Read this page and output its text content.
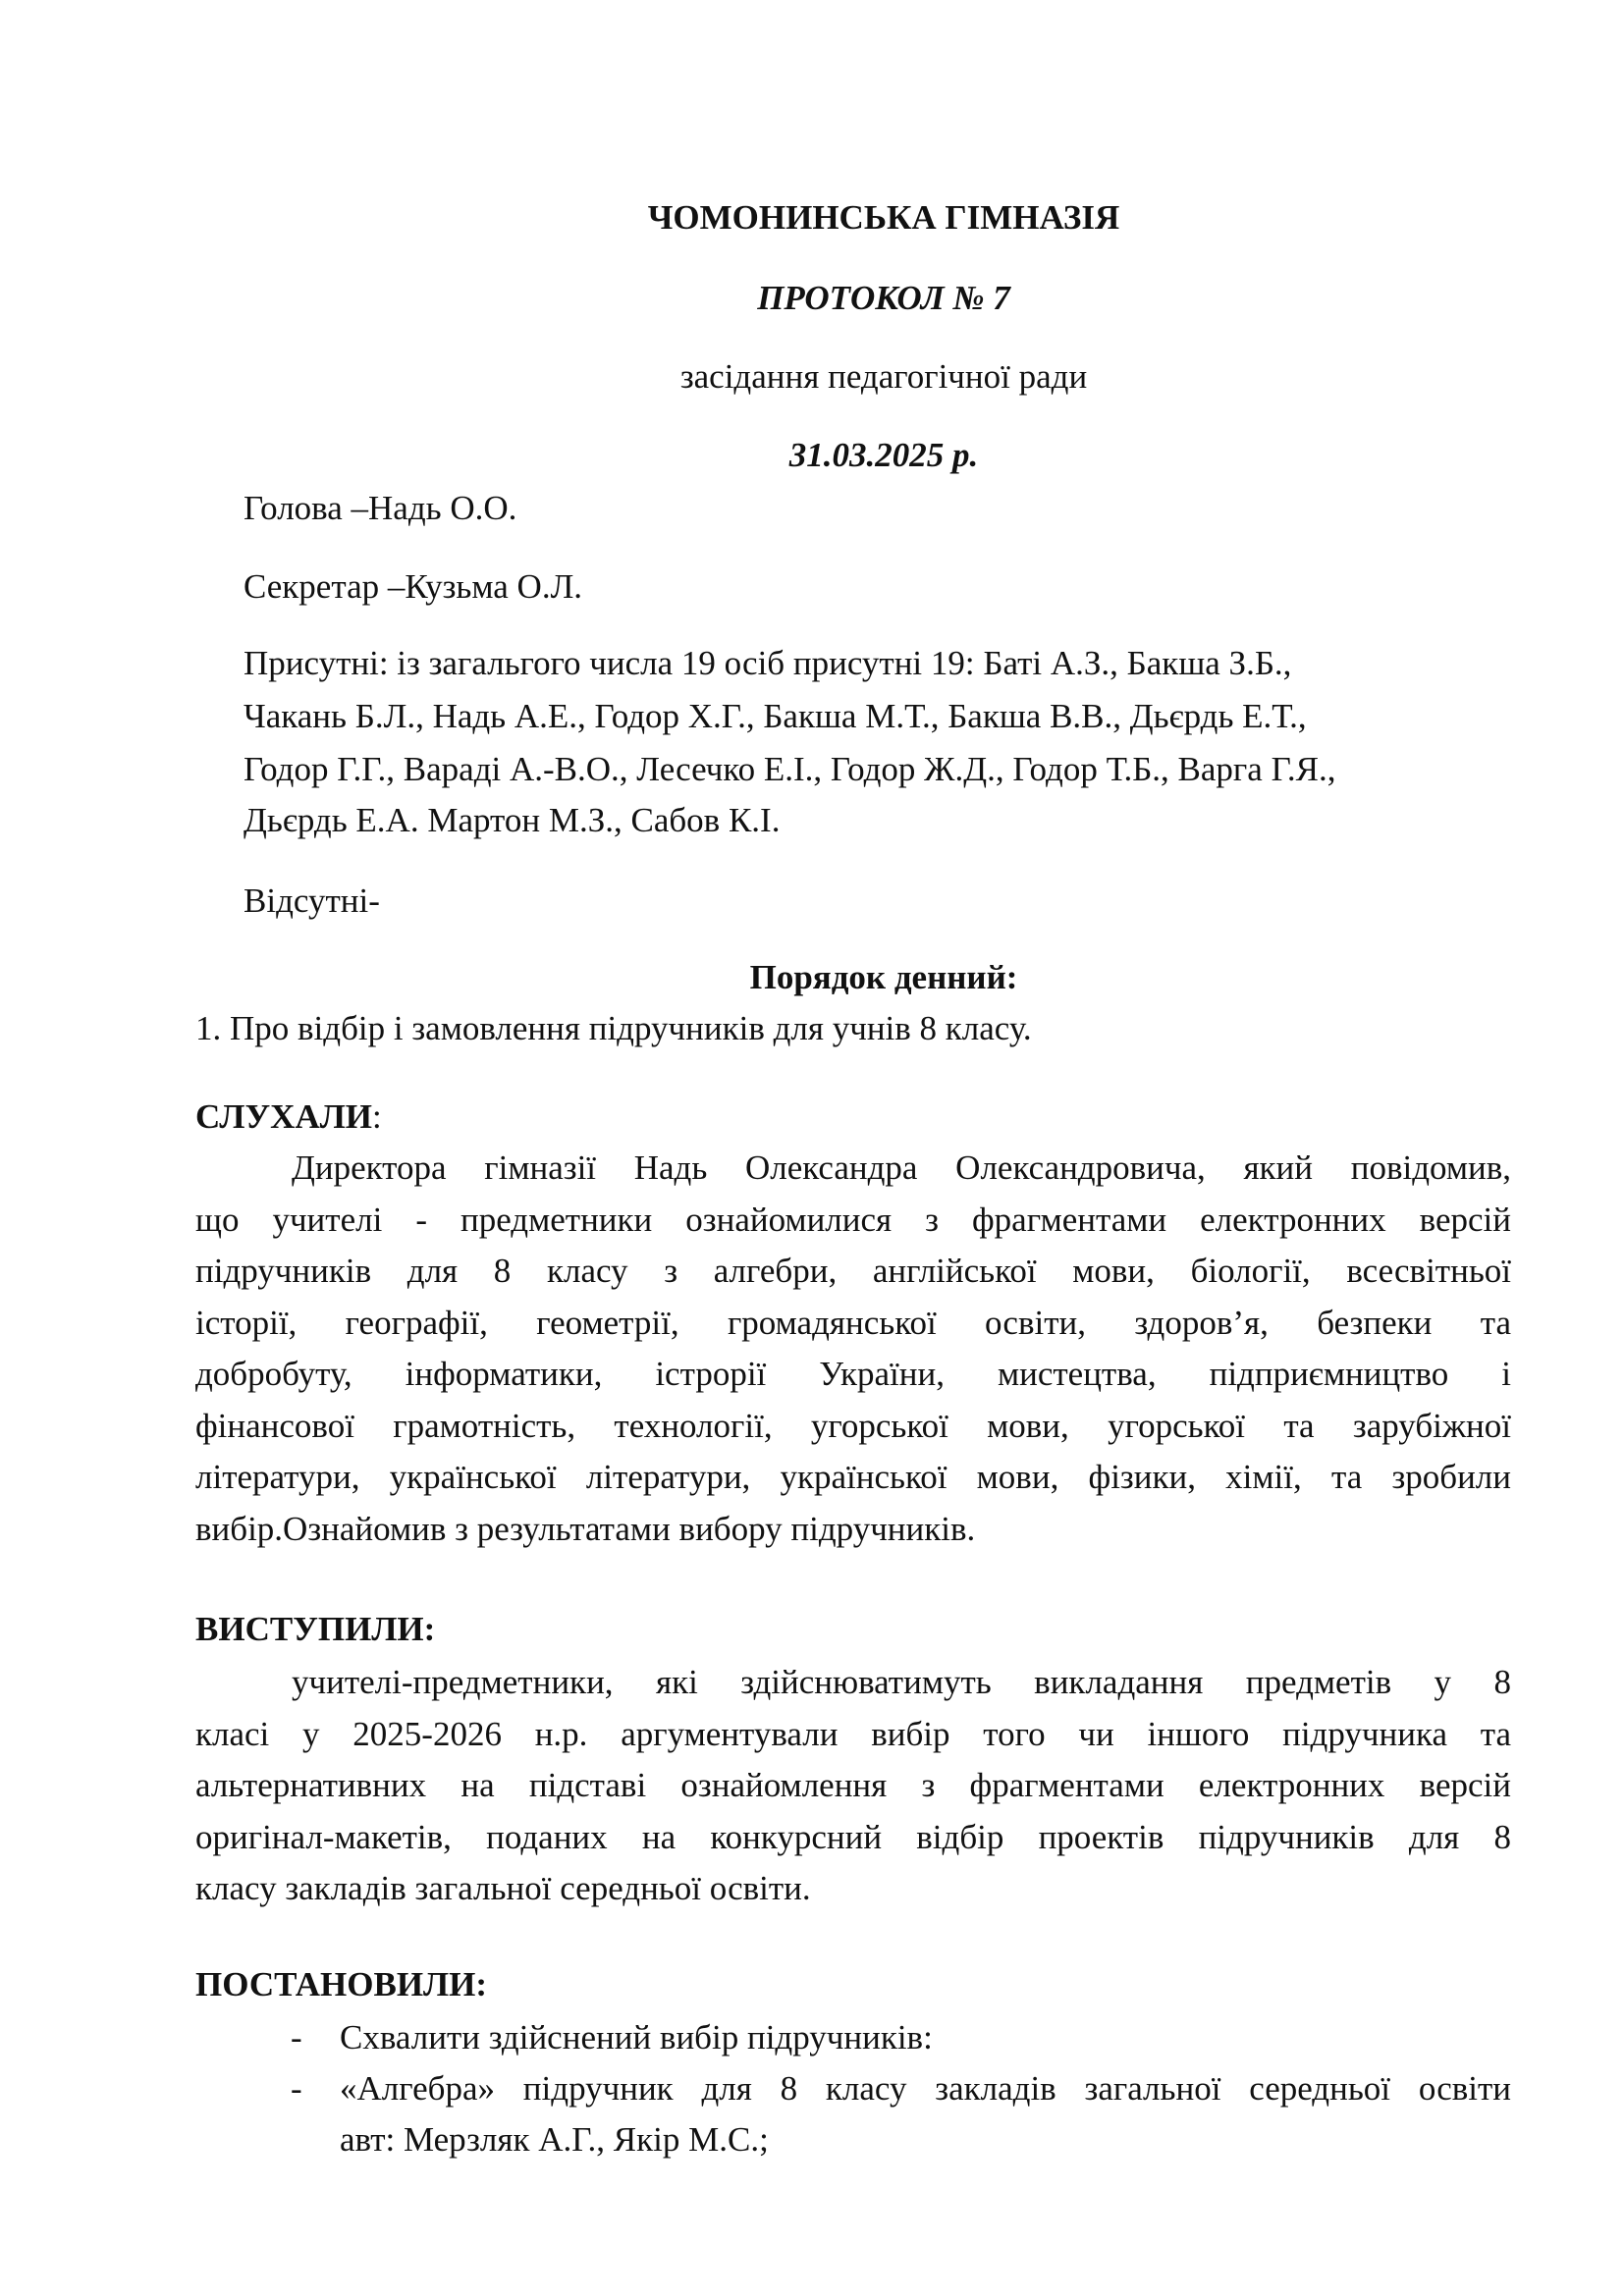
ЧОМОНИНСЬКА ГІМНАЗІЯ
ПРОТОКОЛ № 7
засідання педагогічної ради
31.03.2025 р.
Голова –Надь О.О.
Секретар –Кузьма О.Л.
Присутні: із загальгого числа 19 осіб присутні 19: Баті А.З., Бакша З.Б.,
Чакань Б.Л., Надь А.Е., Годор Х.Г., Бакша М.Т., Бакша В.В., Дьєрдь Е.Т.,
Годор Г.Г., Вараді А.-В.О., Лесечко Е.І., Годор Ж.Д., Годор Т.Б., Варга Г.Я.,
Дьєрдь Е.А. Мартон М.З., Сабов К.І.
Відсутні-
Порядок денний:
1. Про відбір і замовлення підручників для учнів 8 класу.
СЛУХАЛИ:
Директора гімназії Надь Олександра Олександровича, який повідомив,
що учителі - предметники ознайомилися з фрагментами електронних версій
підручників для 8 класу з алгебри, англійської мови, біології, всесвітньої
історії, географії, геометрії, громадянської освіти, здоров’я, безпеки та
добробуту, інформатики, істрорії України, мистецтва, підприємництво і
фінансової грамотність, технології, угорської мови, угорської та зарубіжної
літератури, української літератури, української мови, фізики, хімії, та зробили
вибір.Ознайомив з результатами вибору підручників.
ВИСТУПИЛИ:
учителі-предметники, які здійснюватимуть викладання предметів у 8
класі у 2025-2026 н.р. аргументували вибір того чи іншого підручника та
альтернативних на підставі ознайомлення з фрагментами електронних версій
оригінал-макетів, поданих на конкурсний відбір проектів підручників для 8
класу закладів загальної середньої освіти.
ПОСТАНОВИЛИ:
- Схвалити здійснений вибір підручників:
- «Алгебра» підручник для 8 класу закладів загальної середньої освіти
авт: Мерзляк А.Г., Якір М.С.;
